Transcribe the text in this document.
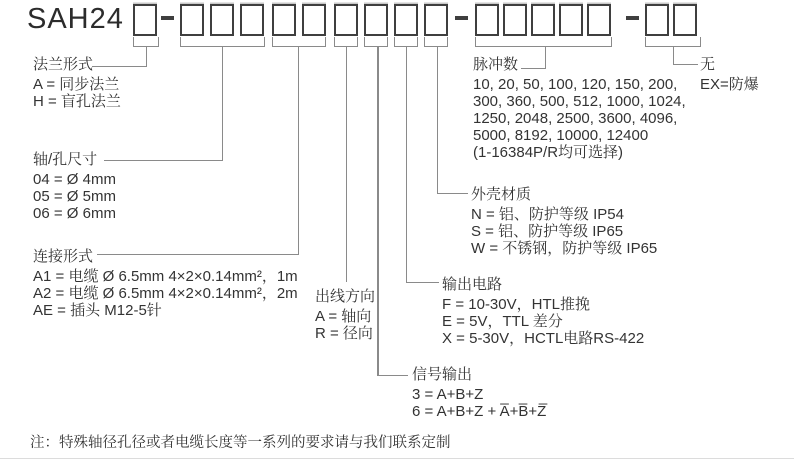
SAH24
法兰形式
A = 同步法兰
H = 盲孔法兰
轴/孔尺寸
04 = Ø 4mm
05 = Ø 5mm
06 = Ø 6mm
连接形式
A1 = 电缆 Ø 6.5mm 4×2×0.14mm²，1m
A2 = 电缆 Ø 6.5mm 4×2×0.14mm²，2m
AE = 插头 M12-5针
出线方向
A = 轴向
R = 径向
信号输出
3 = A+B+Z
6 = A+B+Z + A̅+B̅+Z̅
输出电路
F = 10-30V，HTL推挽
E = 5V，TTL 差分
X = 5-30V，HCTL电路RS-422
外壳材质
N = 铝、防护等级 IP54
S = 铝、防护等级 IP65
W = 不锈钢，防护等级 IP65
脉冲数
10, 20, 50, 100, 120, 150, 200,
300, 360, 500, 512, 1000, 1024,
1250, 2048, 2500, 3600, 4096,
5000, 8192, 10000, 12400
(1-16384P/R均可选择)
无
EX=防爆
注：特殊轴径孔径或者电缆长度等一系列的要求请与我们联系定制
